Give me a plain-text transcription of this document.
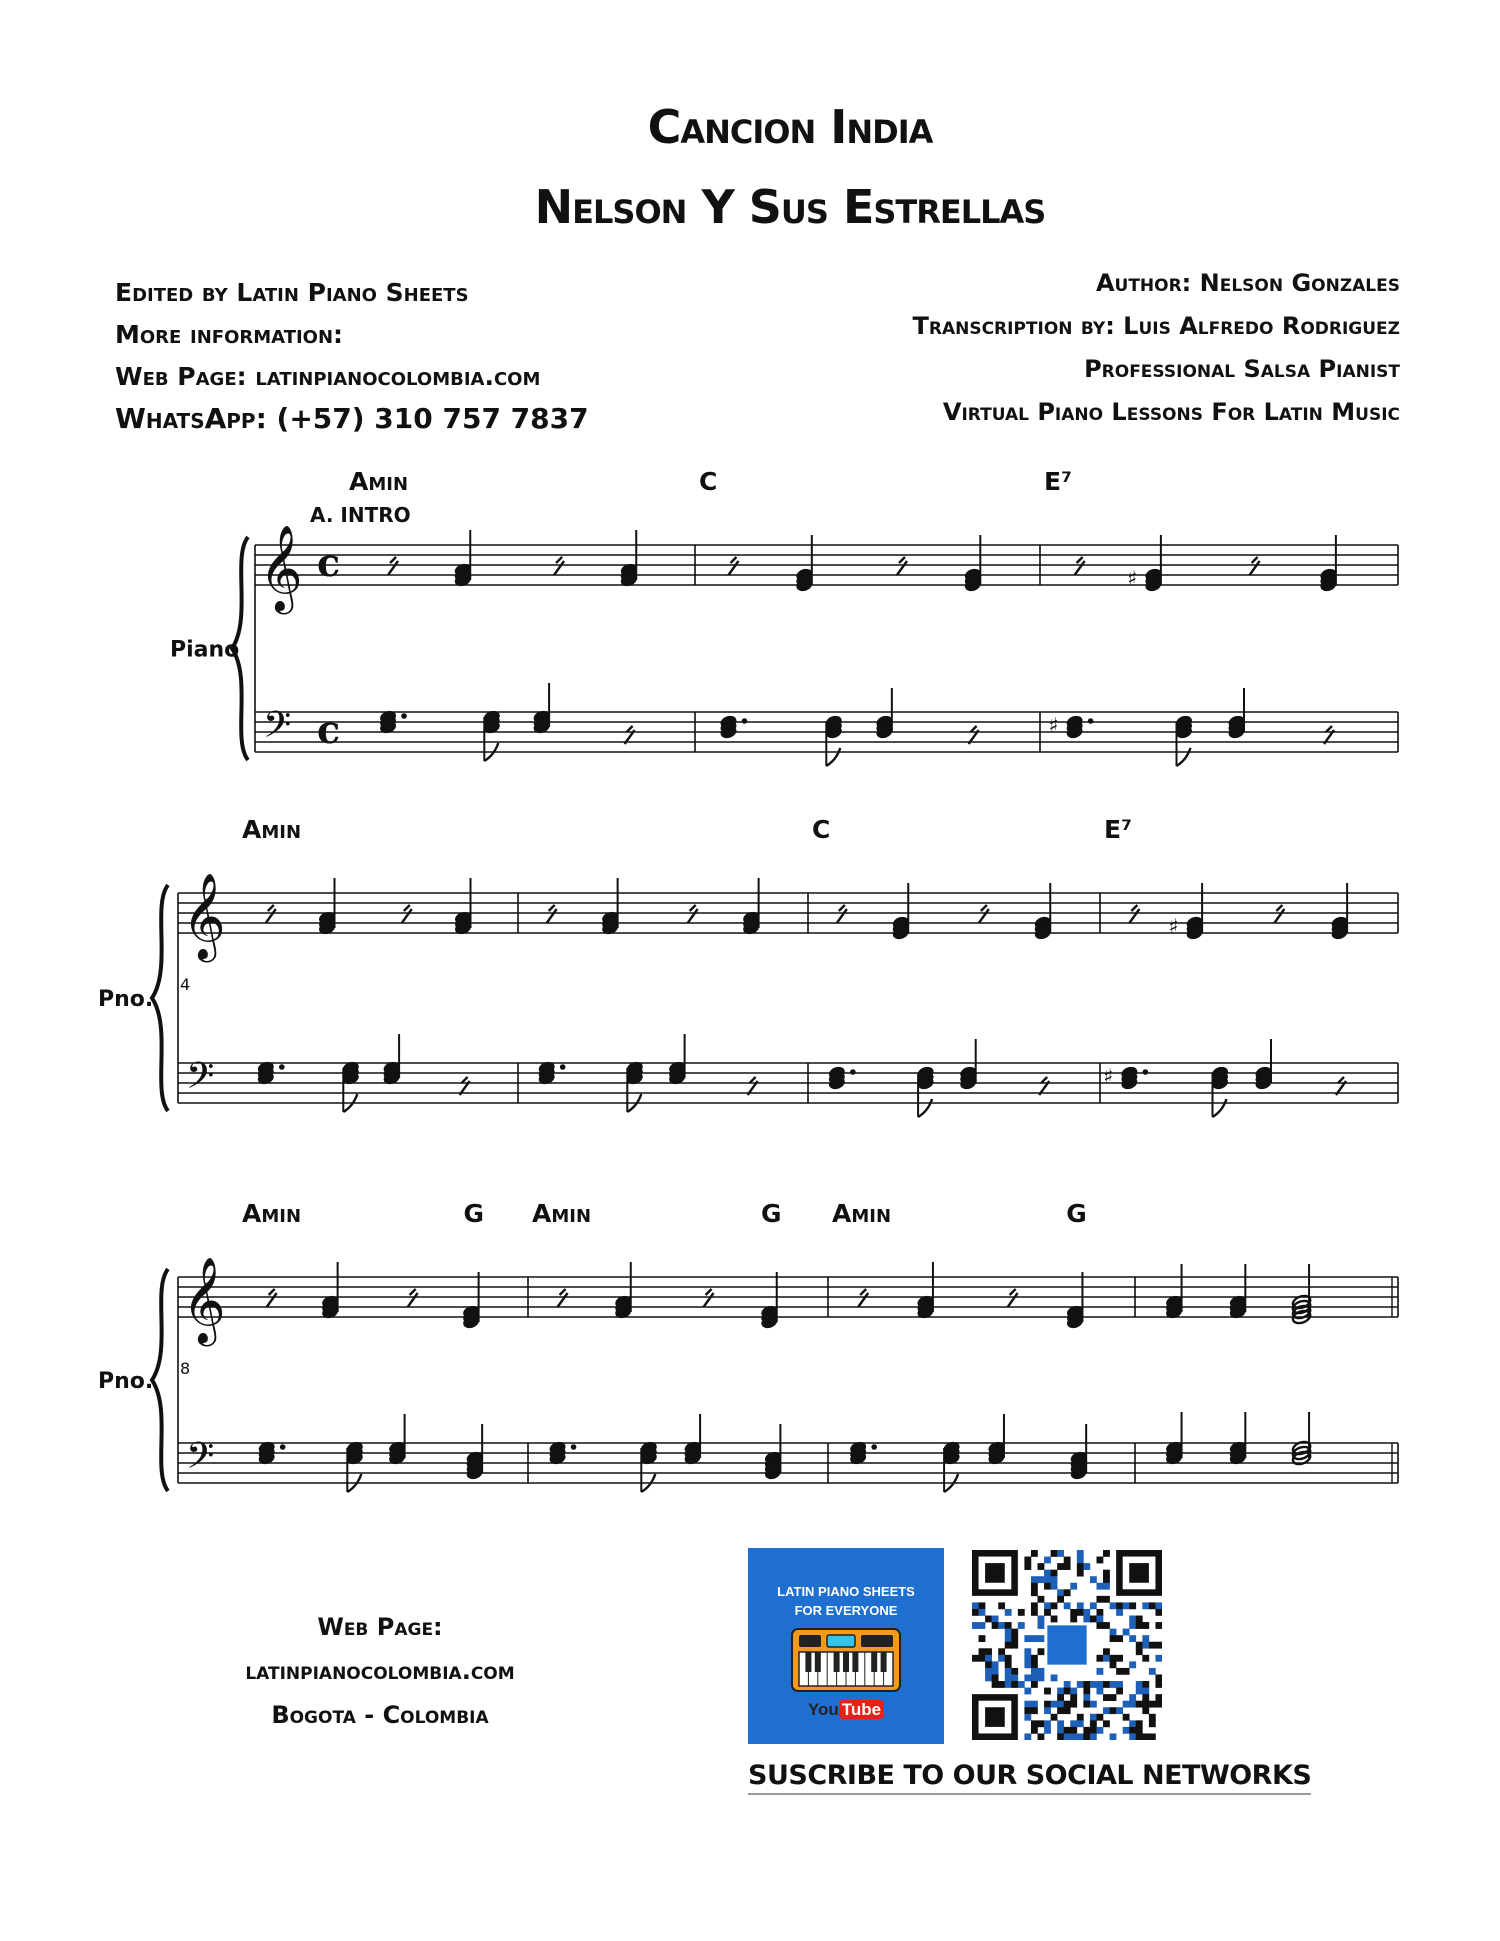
Cancion India
Nelson Y Sus Estrellas
Edited by Latin Piano Sheets
More information:
Web Page: latinpianocolombia.com
WhatsApp: (+57) 310 757 7837
Author: Nelson Gonzales
Transcription by: Luis Alfredo Rodriguez
Professional Salsa Pianist
Virtual Piano Lessons For Latin Music
𝄞
𝄢
c
c
Piano
A. INTRO
♯
♯
Amin	C	E⁷
𝄞
𝄢
Pno.
4
♯
♯
Amin	C	E⁷
𝄞
𝄢
Pno.
8
Amin	G Amin	G Amin	G
Web Page: latinpianocolombia.com
Bogota - Colombia
LATIN PIANO SHEETS
FOR EVERYONE
You Tube
SUSCRIBE TO OUR SOCIAL NETWORKS
